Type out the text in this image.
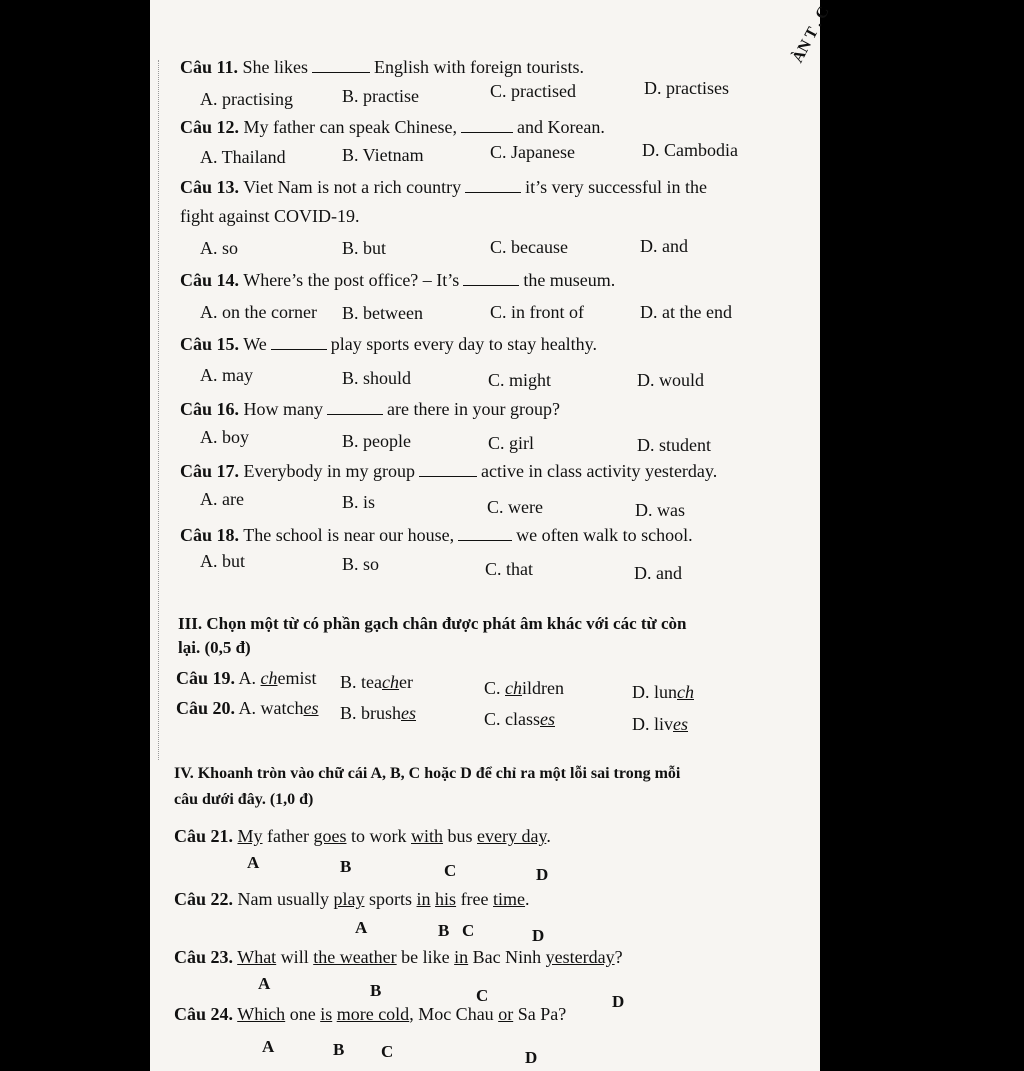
ÀN T . C
Câu 11. She likes	English with foreign tourists.
A. practising	B. practise	C. practised	D. practises
Câu 12. My father can speak Chinese,	and Korean.
A. Thailand	B. Vietnam	C. Japanese	D. Cambodia
Câu 13. Viet Nam is not a rich country	it’s very successful in the
fight against COVID-19.
A. so	B. but	C. because	D. and
Câu 14. Where’s the post office? – It’s	the museum.
A. on the corner B. between	C. in front of	D. at the end
Câu 15. We	play sports every day to stay healthy.
A. may	B. should	C. might	D. would
Câu 16. How many	are there in your group?
A. boy	B. people	C. girl	D. student
Câu 17. Everybody in my group	active in class activity yesterday.
A. are	B. is	C. were	D. was
Câu 18. The school is near our house,	we often walk to school.
A. but	B. so	C. that	D. and
III. Chọn một từ có phần gạch chân được phát âm khác với các từ còn
lại. (0,5 đ)
Câu 19. A. chemist B. teacher	C. children	D. lunch
Câu 20. A. watches B. brushes	C. classes	D. lives
IV. Khoanh tròn vào chữ cái A, B, C hoặc D để chỉ ra một lỗi sai trong mỗi
câu dưới đây. (1,0 đ)
Câu 21. My father goes to work with bus every day.
A	B	C	D
Câu 22. Nam usually play sports in his free time.
A	B C	D
Câu 23. What will the weather be like in Bac Ninh yesterday?
A	B	C	D
Câu 24. Which one is more cold, Moc Chau or Sa Pa?
A	B C	D
